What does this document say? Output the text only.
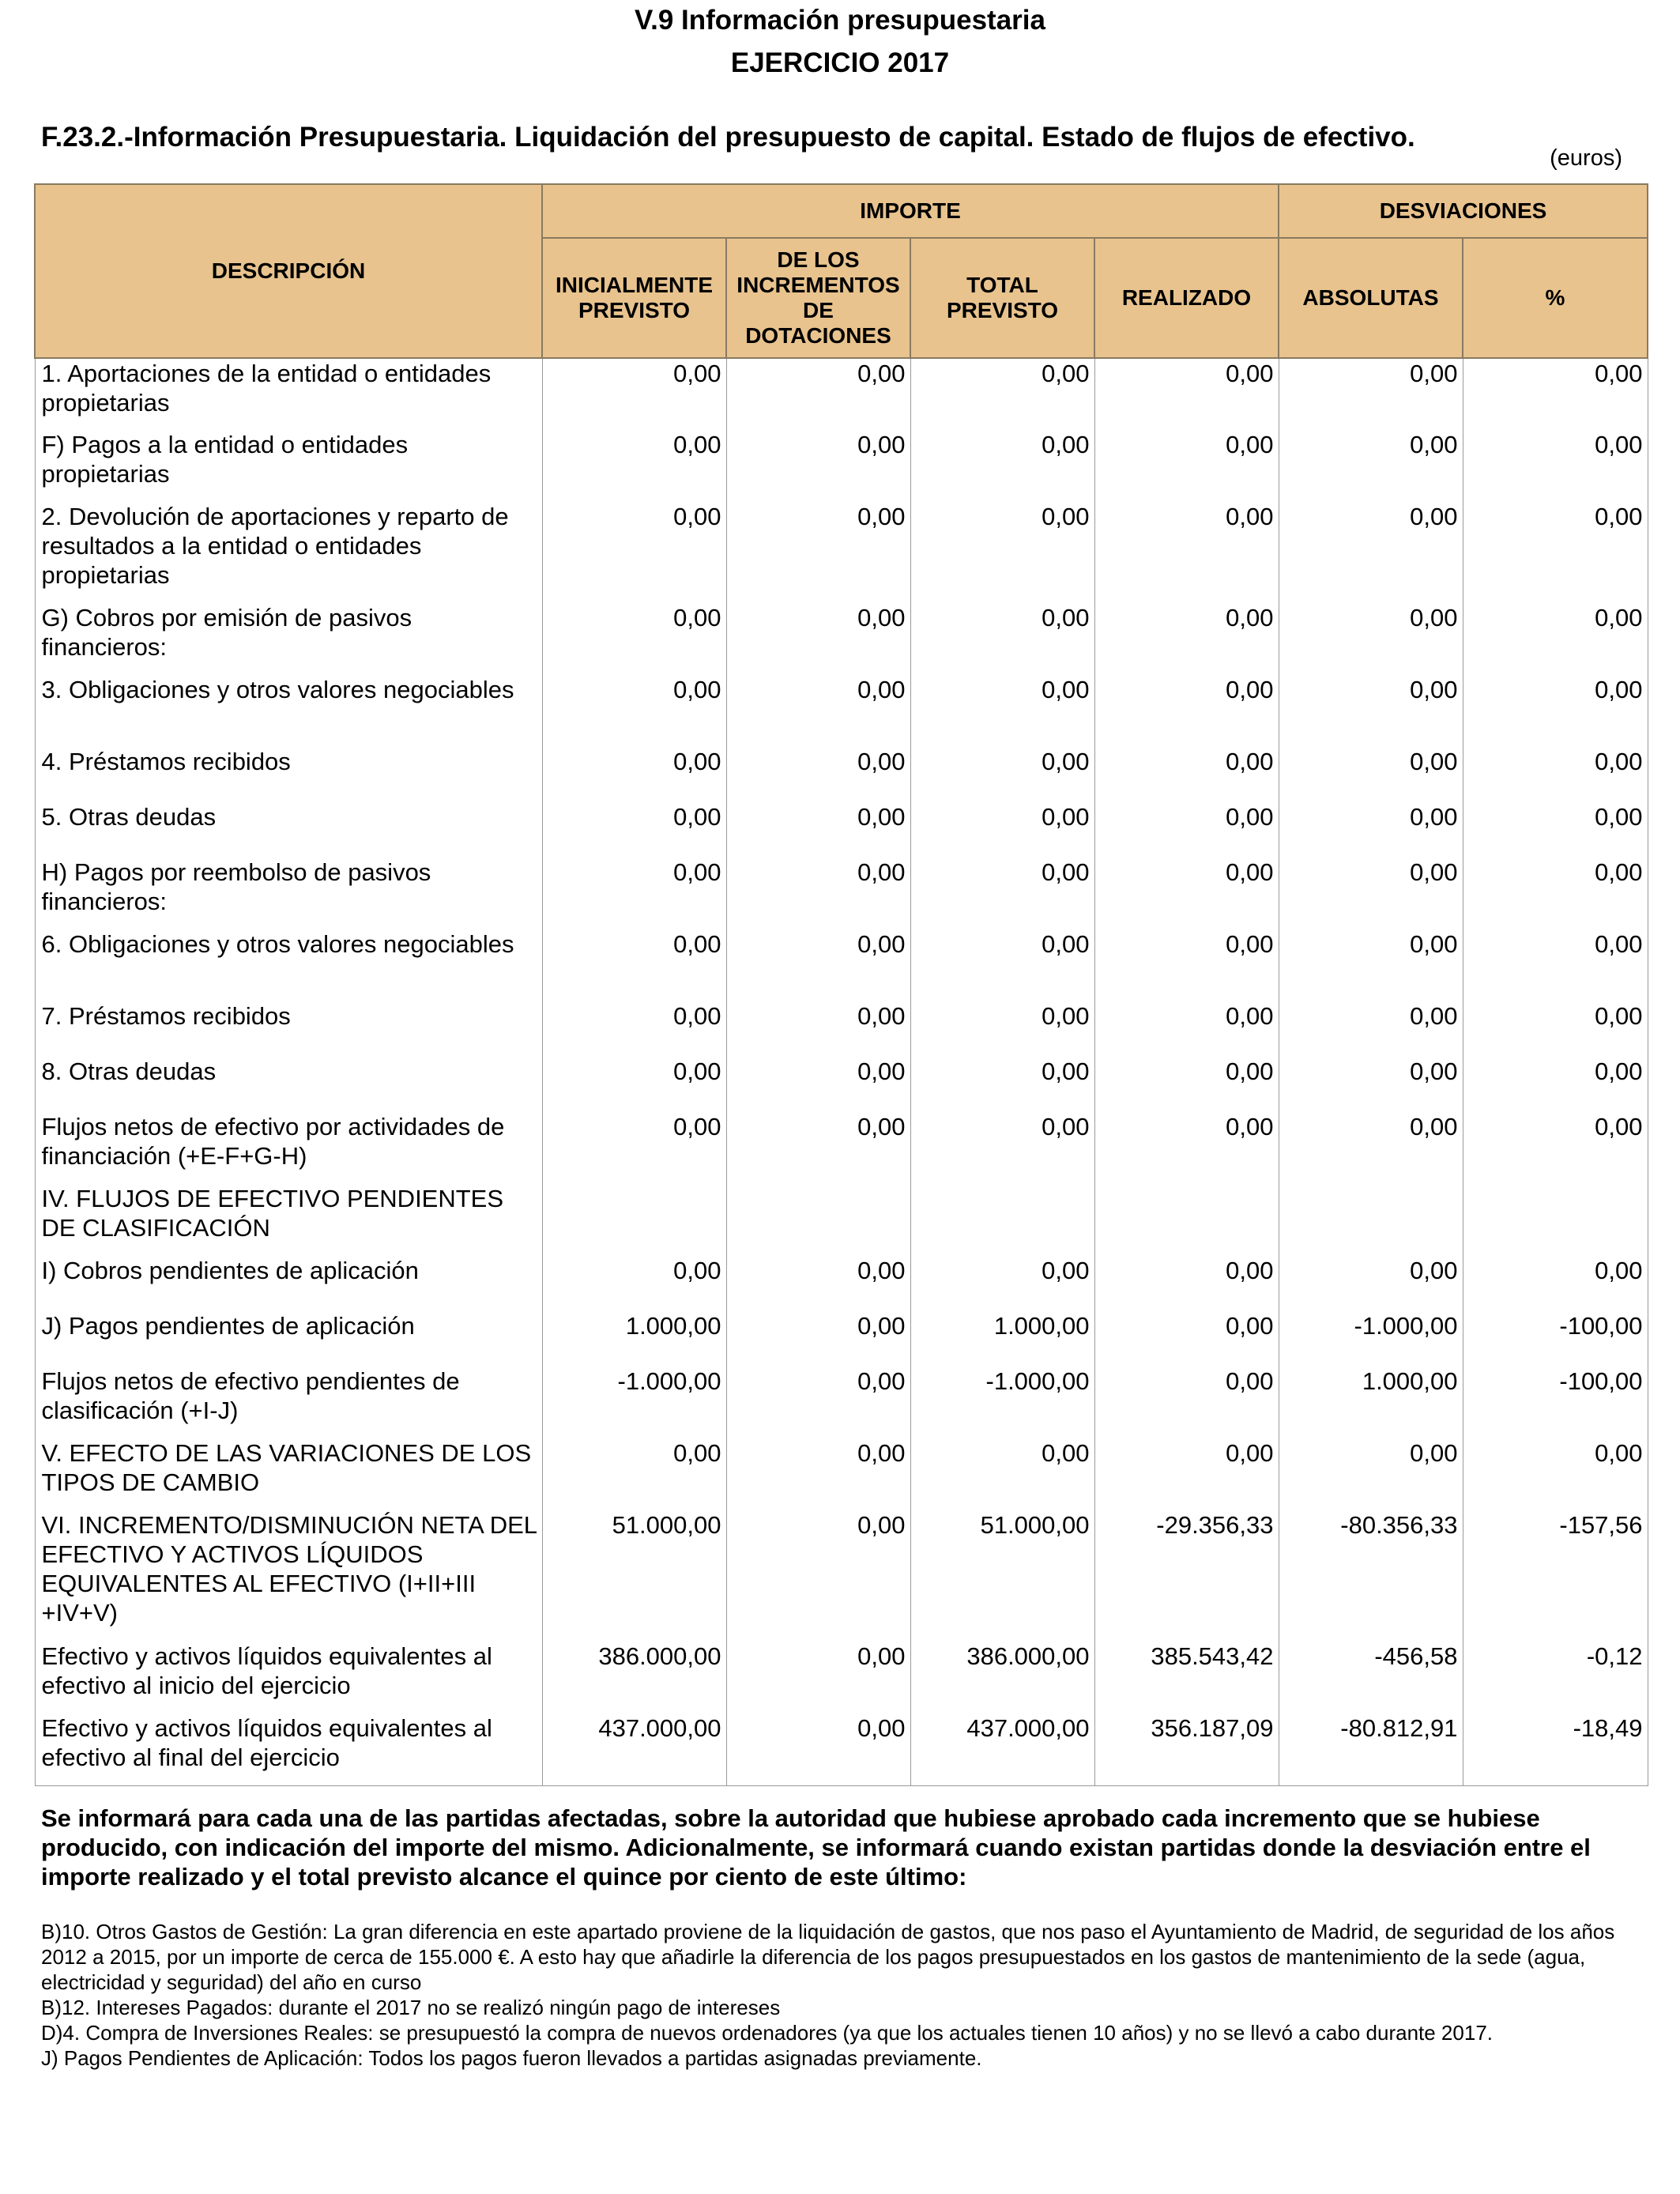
V.9 Información presupuestaria
EJERCICIO 2017
F.23.2.-Información Presupuestaria. Liquidación del presupuesto de capital. Estado de flujos de efectivo.
(euros)
DESCRIPCIÓN	IMPORTE				DESVIACIONES	
	INICIALMENTE PREVISTO	DE LOS INCREMENTOS DE DOTACIONES	TOTAL PREVISTO	REALIZADO	ABSOLUTAS	%
1. Aportaciones de la entidad o entidades propietarias	0,00	0,00	0,00	0,00	0,00	0,00
F) Pagos a la entidad o entidades propietarias	0,00	0,00	0,00	0,00	0,00	0,00
2. Devolución de aportaciones y reparto de resultados a la entidad o entidades propietarias	0,00	0,00	0,00	0,00	0,00	0,00
G) Cobros por emisión de pasivos financieros:	0,00	0,00	0,00	0,00	0,00	0,00
3. Obligaciones y otros valores negociables	0,00	0,00	0,00	0,00	0,00	0,00
4. Préstamos recibidos	0,00	0,00	0,00	0,00	0,00	0,00
5. Otras deudas	0,00	0,00	0,00	0,00	0,00	0,00
H) Pagos por reembolso de pasivos financieros:	0,00	0,00	0,00	0,00	0,00	0,00
6. Obligaciones y otros valores negociables	0,00	0,00	0,00	0,00	0,00	0,00
7. Préstamos recibidos	0,00	0,00	0,00	0,00	0,00	0,00
8. Otras deudas	0,00	0,00	0,00	0,00	0,00	0,00
Flujos netos de efectivo por actividades de financiación (+E-F+G-H)	0,00	0,00	0,00	0,00	0,00	0,00
IV. FLUJOS DE EFECTIVO PENDIENTES DE CLASIFICACIÓN						
I) Cobros pendientes de aplicación	0,00	0,00	0,00	0,00	0,00	0,00
J) Pagos pendientes de aplicación	1.000,00	0,00	1.000,00	0,00	-1.000,00	-100,00
Flujos netos de efectivo pendientes de clasificación (+I-J)	-1.000,00	0,00	-1.000,00	0,00	1.000,00	-100,00
V. EFECTO DE LAS VARIACIONES DE LOS TIPOS DE CAMBIO	0,00	0,00	0,00	0,00	0,00	0,00
VI. INCREMENTO/DISMINUCIÓN NETA DEL EFECTIVO Y ACTIVOS LÍQUIDOS EQUIVALENTES AL EFECTIVO (I+II+III +IV+V)	51.000,00	0,00	51.000,00	-29.356,33	-80.356,33	-157,56
Efectivo y activos líquidos equivalentes al efectivo al inicio del ejercicio	386.000,00	0,00	386.000,00	385.543,42	-456,58	-0,12
Efectivo y activos líquidos equivalentes al efectivo al final del ejercicio	437.000,00	0,00	437.000,00	356.187,09	-80.812,91	-18,49
Se informará para cada una de las partidas afectadas, sobre la autoridad que hubiese aprobado cada incremento que se hubiese producido, con indicación del importe del mismo. Adicionalmente, se informará cuando existan partidas donde la desviación entre el importe realizado y el total previsto alcance el quince por ciento de este último:
B)10. Otros Gastos de Gestión: La gran diferencia en este apartado proviene de la liquidación de gastos, que nos paso el Ayuntamiento de Madrid, de seguridad de los años 2012 a 2015, por un importe de cerca de 155.000 €. A esto hay que añadirle la diferencia de los pagos presupuestados en los gastos de mantenimiento de la sede (agua, electricidad y seguridad) del año en curso
B)12. Intereses Pagados: durante el 2017 no se realizó ningún pago de intereses
D)4. Compra de Inversiones Reales: se presupuestó la compra de nuevos ordenadores (ya que los actuales tienen 10 años) y no se llevó a cabo durante 2017.
J) Pagos Pendientes de Aplicación: Todos los pagos fueron llevados a partidas asignadas previamente.
